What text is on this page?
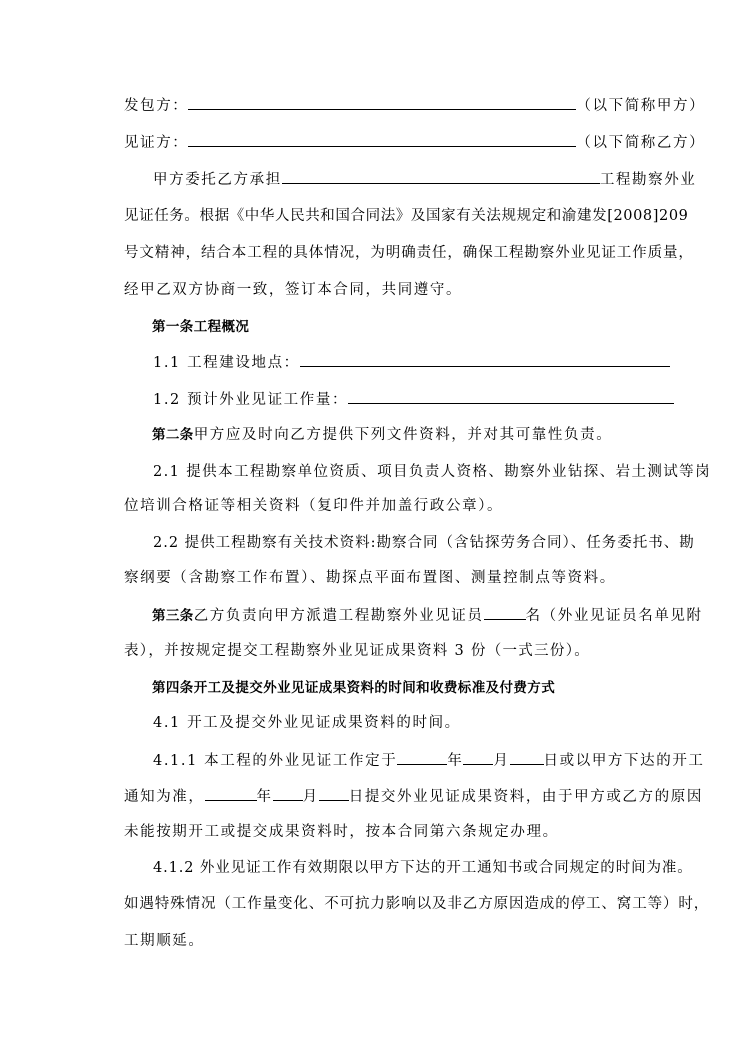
发包方：	（以下简称甲方）
见证方：	（以下简称乙方）
甲方委托乙方承担	工程勘察外业
见证任务。根据《中华人民共和国合同法》及国家有关法规规定和渝建发[2008]209
号文精神，结合本工程的具体情况，为明确责任，确保工程勘察外业见证工作质量，
经甲乙双方协商一致，签订本合同，共同遵守。
第一条工程概况
1.1 工程建设地点：
1.2 预计外业见证工作量：
第二条甲方应及时向乙方提供下列文件资料，并对其可靠性负责。
2.1 提供本工程勘察单位资质、项目负责人资格、勘察外业钻探、岩土测试等岗
位培训合格证等相关资料（复印件并加盖行政公章）。
2.2 提供工程勘察有关技术资料:勘察合同（含钻探劳务合同）、任务委托书、勘
察纲要（含勘察工作布置）、勘探点平面布置图、测量控制点等资料。
第三条乙方负责向甲方派遣工程勘察外业见证员	名（外业见证员名单见附
表），并按规定提交工程勘察外业见证成果资料 3 份（一式三份）。
第四条开工及提交外业见证成果资料的时间和收费标准及付费方式
4.1 开工及提交外业见证成果资料的时间。
4.1.1 本工程的外业见证工作定于	年 月 日或以甲方下达的开工
通知为准，	年 月 日提交外业见证成果资料，由于甲方或乙方的原因
未能按期开工或提交成果资料时，按本合同第六条规定办理。
4.1.2 外业见证工作有效期限以甲方下达的开工通知书或合同规定的时间为准。
如遇特殊情况（工作量变化、不可抗力影响以及非乙方原因造成的停工、窝工等）时，
工期顺延。
